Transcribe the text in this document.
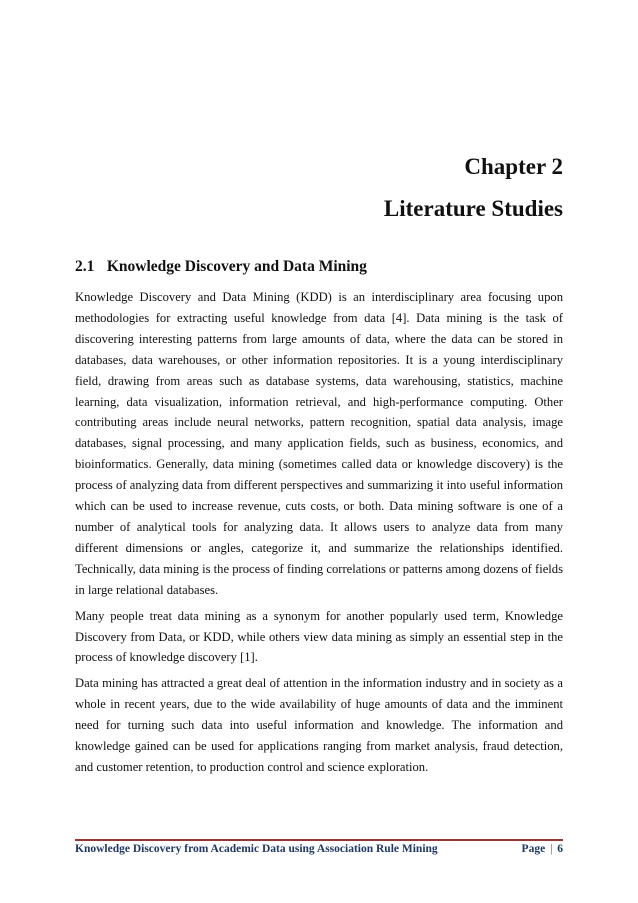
Chapter 2
Literature Studies
2.1 Knowledge Discovery and Data Mining

Knowledge Discovery and Data Mining (KDD) is an interdisciplinary area focusing upon methodologies for extracting useful knowledge from data [4]. Data mining is the task of discovering interesting patterns from large amounts of data, where the data can be stored in databases, data warehouses, or other information repositories. It is a young interdisciplinary field, drawing from areas such as database systems, data warehousing, statistics, machine learning, data visualization, information retrieval, and high-performance computing. Other contributing areas include neural networks, pattern recognition, spatial data analysis, image databases, signal processing, and many application fields, such as business, economics, and bioinformatics. Generally, data mining (sometimes called data or knowledge discovery) is the process of analyzing data from different perspectives and summarizing it into useful information which can be used to increase revenue, cuts costs, or both. Data mining software is one of a number of analytical tools for analyzing data. It allows users to analyze data from many different dimensions or angles, categorize it, and summarize the relationships identified. Technically, data mining is the process of finding correlations or patterns among dozens of fields in large relational databases.

Many people treat data mining as a synonym for another popularly used term, Knowledge Discovery from Data, or KDD, while others view data mining as simply an essential step in the process of knowledge discovery [1].

Data mining has attracted a great deal of attention in the information industry and in society as a whole in recent years, due to the wide availability of huge amounts of data and the imminent need for turning such data into useful information and knowledge. The information and knowledge gained can be used for applications ranging from market analysis, fraud detection, and customer retention, to production control and science exploration.

Knowledge Discovery from Academic Data using Association Rule Mining	Page | 6
